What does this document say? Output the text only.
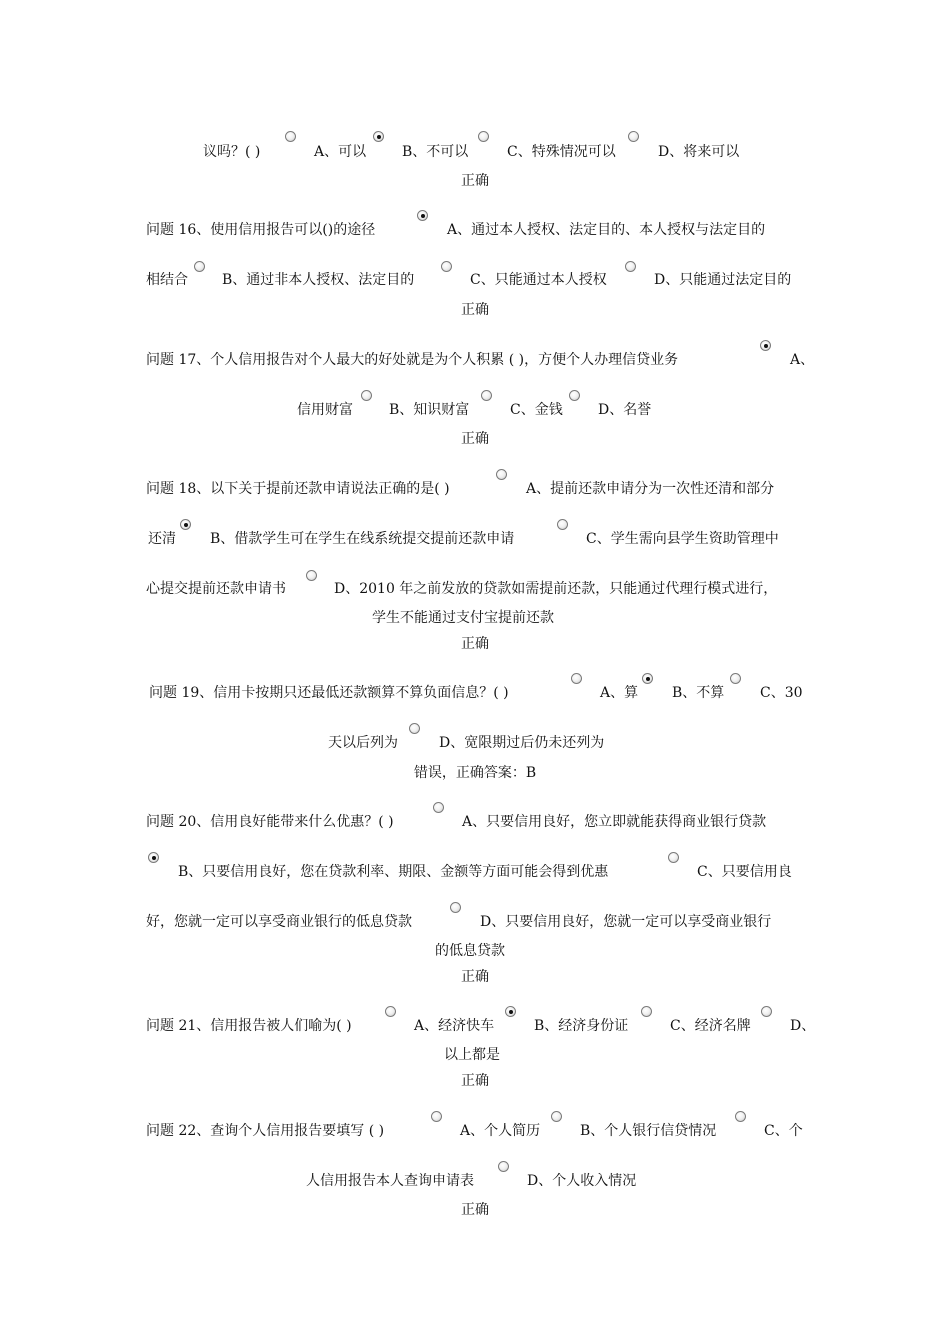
议吗？( )	A、可以	B、不可以	C、特殊情况可以	D、将来可以
正确
问题 16、使用信用报告可以()的途径	A、通过本人授权、法定目的、本人授权与法定目的
相结合 B、通过非本人授权、法定目的	C、只能通过本人授权	D、只能通过法定目的
正确
问题 17、个人信用报告对个人最大的好处就是为个人积累 ( )，方便个人办理信贷业务	A、
信用财富	B、知识财富	C、金钱	D、名誉
正确
问题 18、以下关于提前还款申请说法正确的是( )	A、提前还款申请分为一次性还清和部分
还清 B、借款学生可在学生在线系统提交提前还款申请	C、学生需向县学生资助管理中
心提交提前还款申请书	D、2010 年之前发放的贷款如需提前还款，只能通过代理行模式进行，
学生不能通过支付宝提前还款
正确
问题 19、信用卡按期只还最低还款额算不算负面信息？( )	A、算 B、不算	C、30
天以后列为	D、宽限期过后仍未还列为
错误，正确答案：B
问题 20、信用良好能带来什么优惠？( )	A、只要信用良好，您立即就能获得商业银行贷款
B、只要信用良好，您在贷款利率、期限、金额等方面可能会得到优惠	C、只要信用良
好，您就一定可以享受商业银行的低息贷款	D、只要信用良好，您就一定可以享受商业银行
的低息贷款
正确
问题 21、信用报告被人们喻为( )	A、经济快车	B、经济身份证	C、经济名牌	D、
以上都是
正确
问题 22、查询个人信用报告要填写 ( )	A、个人简历	B、个人银行信贷情况	C、个
人信用报告本人查询申请表	D、个人收入情况
正确
